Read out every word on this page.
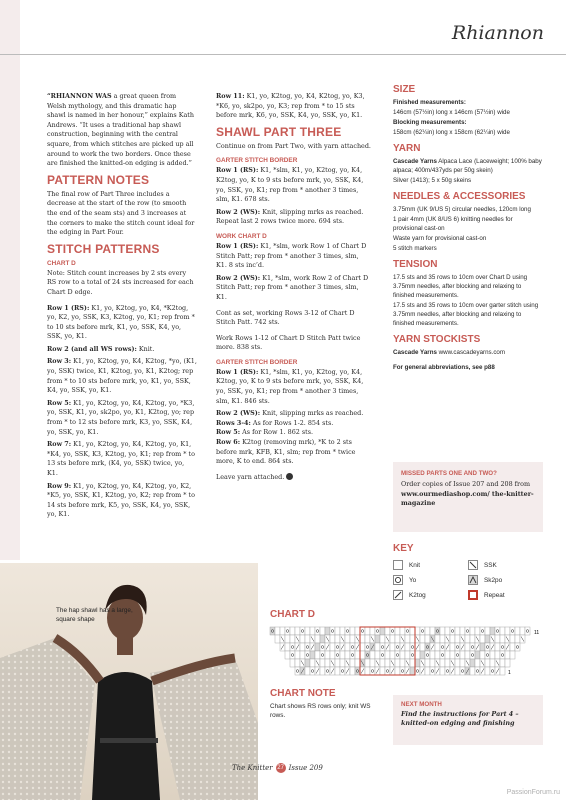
Rhiannon

“RHIANNON WAS a great queen from Welsh mythology, and this dramatic hap shawl is named in her honour,” explains Kath Andrews. “It uses a traditional hap shawl construction, beginning with the central square, from which stitches are picked up all around to work the two borders. Once these are finished the knitted-on edging is added.”

PATTERN NOTES

The final row of Part Three includes a decrease at the start of the row (to smooth the end of the seam sts) and 3 increases at the corners to make the stitch count ideal for the edging in Part Four.

STITCH PATTERNS
CHART D

Note: Stitch count increases by 2 sts every RS row to a total of 24 sts increased for each Chart D edge.

Row 1 (RS): K1, yo, K2tog, yo, K4, *K2tog, yo, K2, yo, SSK, K3, K2tog, yo, K1; rep from * to 10 sts before mrk, K1, yo, SSK, K4, yo, SSK, yo, K1.

Row 2 (and all WS rows): Knit.

Row 3: K1, yo, K2tog, yo, K4, K2tog, *yo, (K1, yo, SSK) twice, K1, K2tog, yo, K1, K2tog; rep from * to 10 sts before mrk, yo, K1, yo, SSK, K4, yo, SSK, yo, K1.

Row 5: K1, yo, K2tog, yo, K4, K2tog, yo, *K3, yo, SSK, K1, yo, sk2po, yo, K1, K2tog, yo; rep from * to 12 sts before mrk, K3, yo, SSK, K4, yo, SSK, yo, K1.

Row 7: K1, yo, K2tog, yo, K4, K2tog, yo, K1, *K4, yo, SSK, K3, K2tog, yo, K1; rep from * to 13 sts before mrk, (K4, yo, SSK) twice, yo, K1.

Row 9: K1, yo, K2tog, yo, K4, K2tog, yo, K2, *K5, yo, SSK, K1, K2tog, yo, K2; rep from * to 14 sts before mrk, K5, yo, SSK, K4, yo, SSK, yo, K1.

Row 11: K1, yo, K2tog, yo, K4, K2tog, yo, K3, *K6, yo, sk2po, yo, K3; rep from * to 15 sts before mrk, K6, yo, SSK, K4, yo, SSK, yo, K1.

SHAWL PART THREE

Continue on from Part Two, with yarn attached.

GARTER STITCH BORDER

Row 1 (RS): K1, *slm, K1, yo, K2tog, yo, K4, K2tog, yo, K to 9 sts before mrk, yo, SSK, K4, yo, SSK, yo, K1; rep from * another 3 times, slm, K1. 678 sts.

Row 2 (WS): Knit, slipping mrks as reached. Repeat last 2 rows twice more. 694 sts.

WORK CHART D

Row 1 (RS): K1, *slm, work Row 1 of Chart D Stitch Patt; rep from * another 3 times, slm, K1. 8 sts inc’d.

Row 2 (WS): K1, *slm, work Row 2 of Chart D Stitch Patt; rep from * another 3 times, slm, K1.

Cont as set, working Rows 3-12 of Chart D Stitch Patt. 742 sts.

Work Rows 1-12 of Chart D Stitch Patt twice more. 838 sts.

GARTER STITCH BORDER

Row 1 (RS): K1, *slm, K1, yo, K2tog, yo, K4, K2tog, yo, K to 9 sts before mrk, yo, SSK, K4, yo, SSK, yo, K1; rep from * another 3 times, slm, K1. 846 sts.

Row 2 (WS): Knit, slipping mrks as reached.

Rows 3-4: As for Rows 1-2. 854 sts.

Row 5: As for Row 1. 862 sts.

Row 6: K2tog (removing mrk), *K to 2 sts before mrk, KFB, K1, slm; rep from * twice more, K to end. 864 sts.

Leave yarn attached.

SIZE

Finished measurements:

146cm (57½in) long x 146cm (57½in) wide

Blocking measurements:

158cm (62¼in) long x 158cm (62¼in) wide

YARN

Cascade Yarns Alpaca Lace (Laceweight; 100% baby alpaca; 400m/437yds per 50g skein)

Silver (1413); 5 x 50g skeins

NEEDLES & ACCESSORIES

3.75mm (UK 9/US 5) circular needles, 120cm long

1 pair 4mm (UK 8/US 6) knitting needles for provisional cast-on

Waste yarn for provisional cast-on

5 stitch markers

TENSION

17.5 sts and 35 rows to 10cm over Chart D using 3.75mm needles, after blocking and relaxing to finished measurements.

17.5 sts and 35 rows to 10cm over garter stitch using 3.75mm needles, after blocking and relaxing to finished measurements.

YARN STOCKISTS

Cascade Yarns www.cascadeyarns.com

For general abbreviations, see p88

MISSED PARTS ONE AND TWO?
Order copies of Issue 207 and 208 from www.ourmediashop.com/ the-knitter-magazine
KEY
Knit	SSK
Yo	Sk2po
K2tog	Repeat
The hap shawl has a large, square shape	CHART D
11
1
CHART NOTE
Chart shows RS rows only; knit WS rows.
NEXT MONTH
Find the instructions for Part 4 – knitted-on edging and finishing
The Knitter 27 Issue 209
PassionForum.ru
